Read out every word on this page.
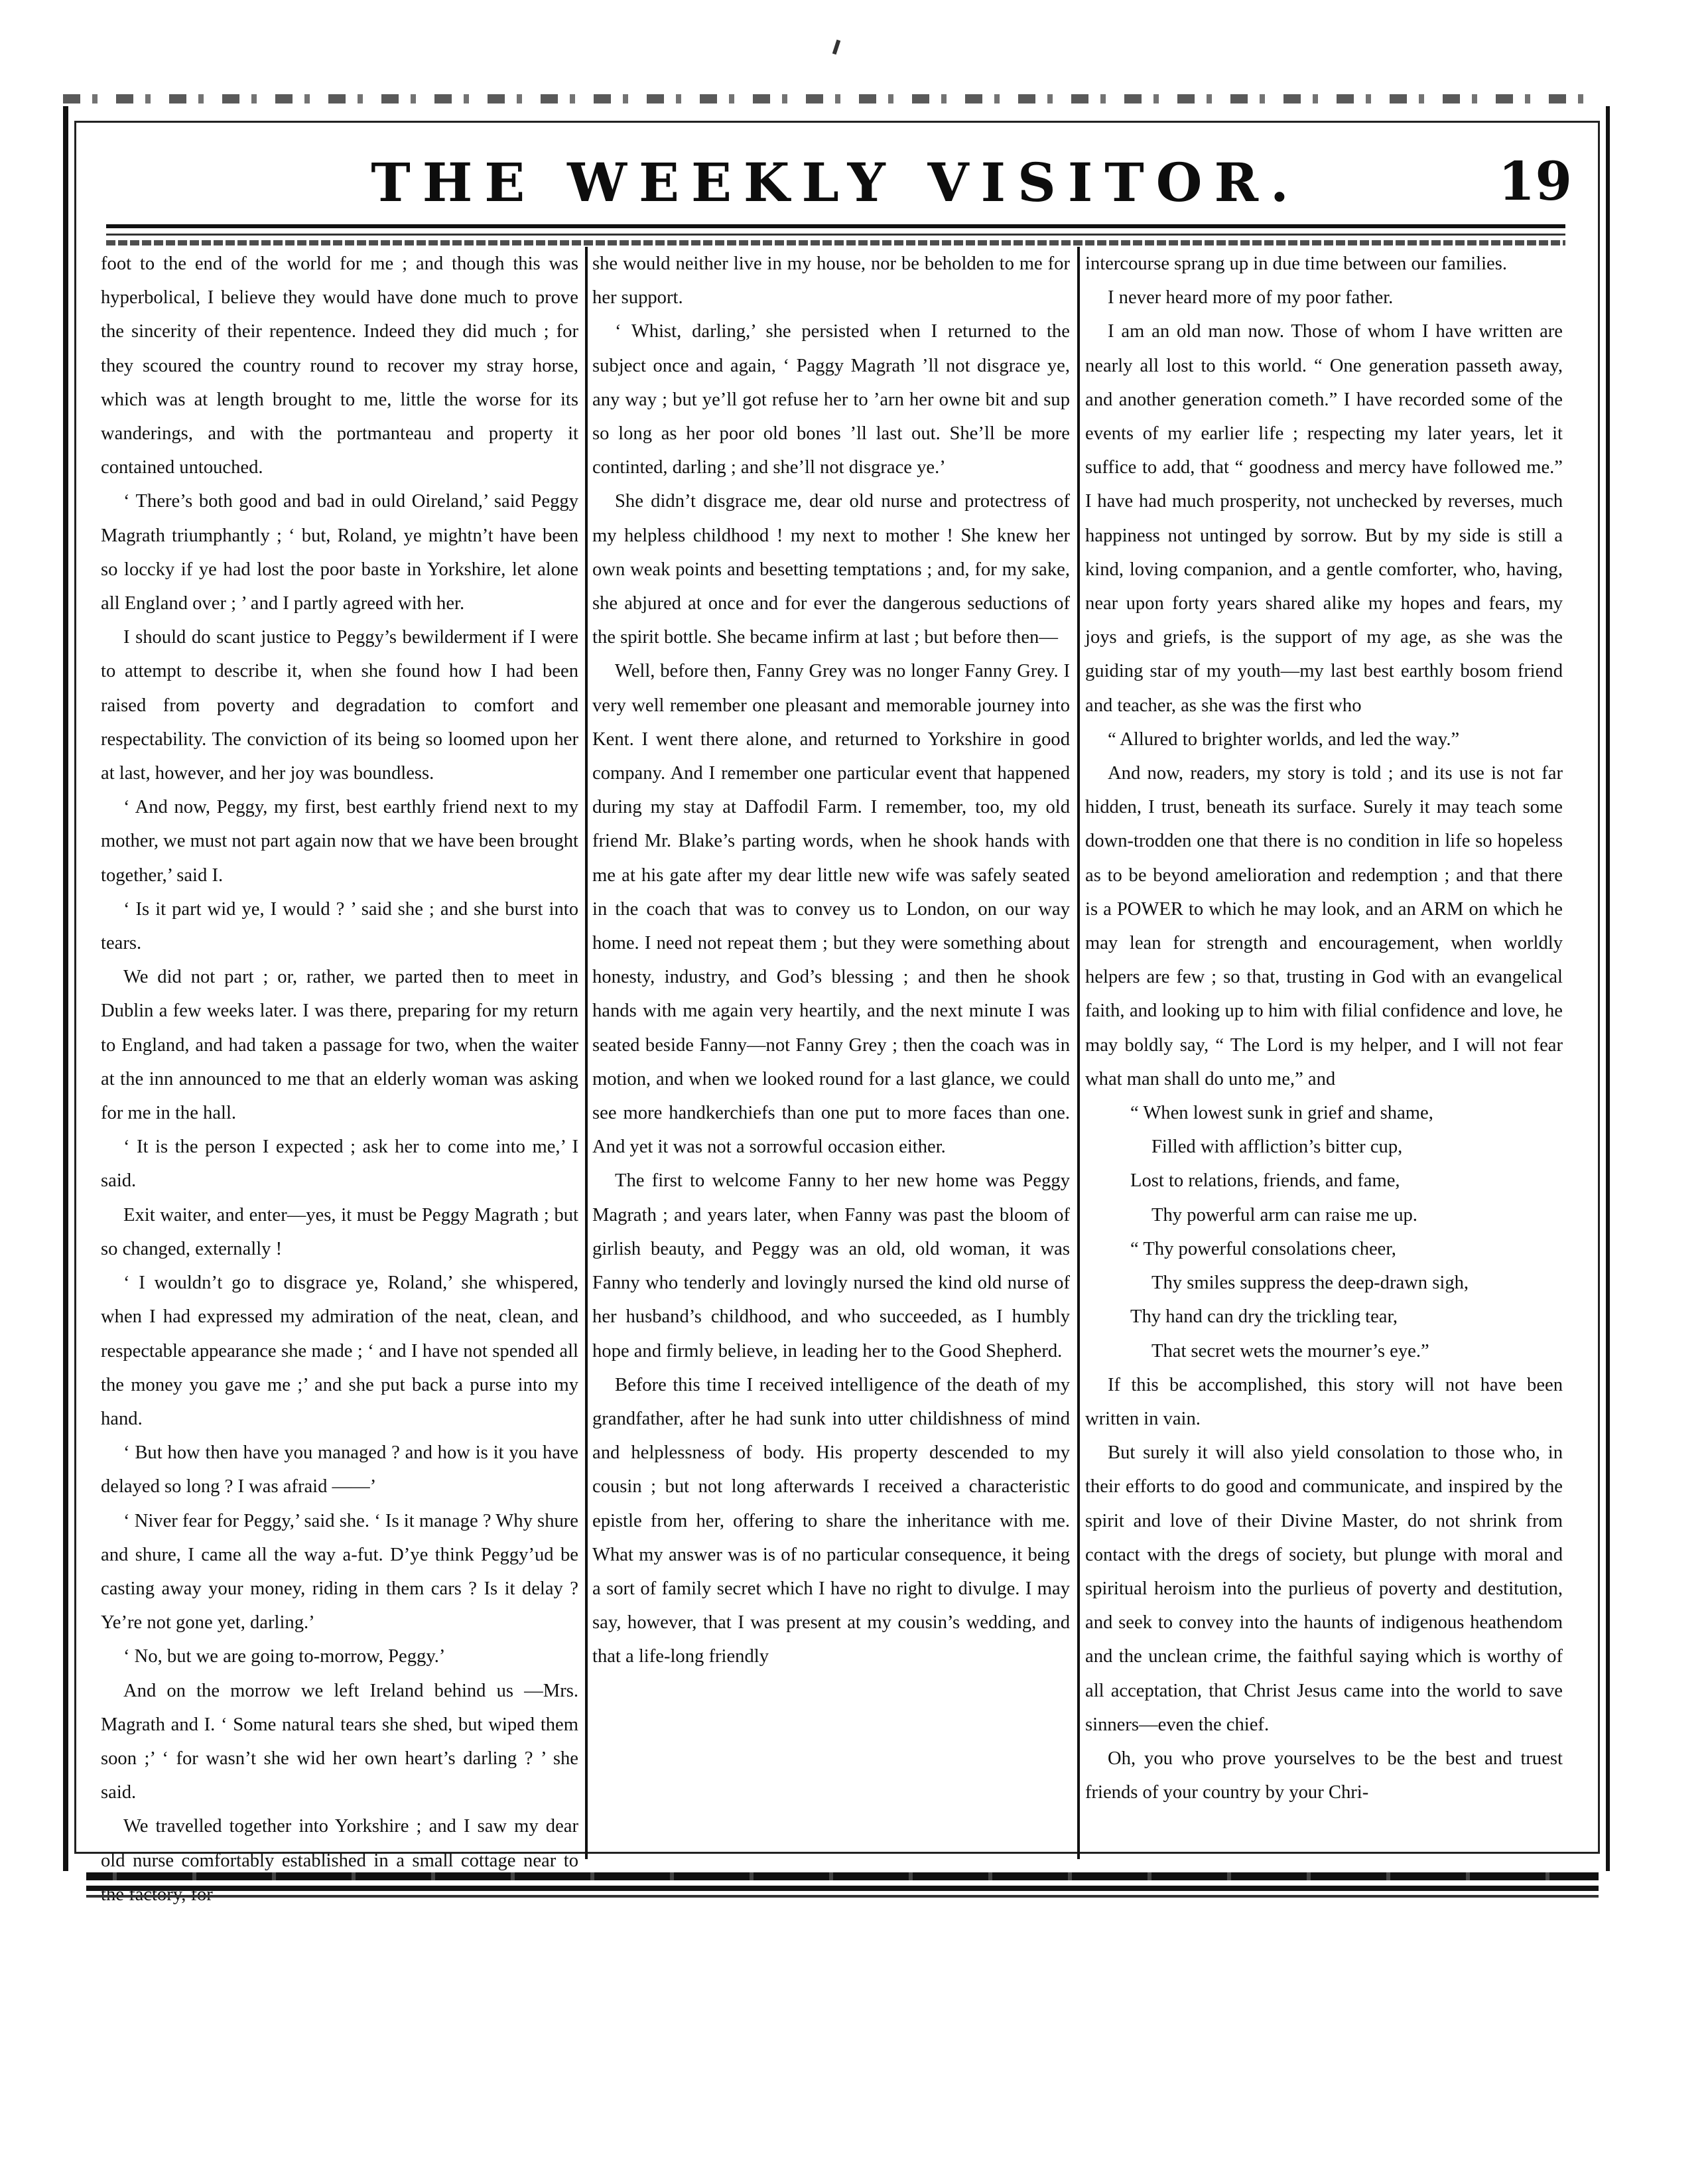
THE WEEKLY VISITOR.	19

foot to the end of the world for me ; and though this was hyperbolical, I believe they would have done much to prove the sincerity of their repentence. Indeed they did much ; for they scoured the country round to recover my stray horse, which was at length brought to me, little the worse for its wanderings, and with the portmanteau and property it contained untouched.

‘ There’s both good and bad in ould Oireland,’ said Peggy Magrath triumphantly ; ‘ but, Roland, ye mightn’t have been so loccky if ye had lost the poor baste in Yorkshire, let alone all England over ; ’ and I partly agreed with her.

I should do scant justice to Peggy’s bewilderment if I were to attempt to describe it, when she found how I had been raised from poverty and degradation to comfort and respectability. The conviction of its being so loomed upon her at last, however, and her joy was boundless.

‘ And now, Peggy, my first, best earthly friend next to my mother, we must not part again now that we have been brought together,’ said I.

‘ Is it part wid ye, I would ? ’ said she ; and she burst into tears.

We did not part ; or, rather, we parted then to meet in Dublin a few weeks later. I was there, preparing for my return to England, and had taken a passage for two, when the waiter at the inn announced to me that an elderly woman was asking for me in the hall.

‘ It is the person I expected ; ask her to come into me,’ I said.

Exit waiter, and enter—yes, it must be Peggy Magrath ; but so changed, externally !

‘ I wouldn’t go to disgrace ye, Roland,’ she whispered, when I had expressed my admiration of the neat, clean, and respectable appearance she made ; ‘ and I have not spended all the money you gave me ;’ and she put back a purse into my hand.

‘ But how then have you managed ? and how is it you have delayed so long ? I was afraid ——’

‘ Niver fear for Peggy,’ said she. ‘ Is it manage ? Why shure and shure, I came all the way a-fut. D’ye think Peggy’ud be casting away your money, riding in them cars ? Is it delay ? Ye’re not gone yet, darling.’

‘ No, but we are going to-morrow, Peggy.’

And on the morrow we left Ireland behind us —Mrs. Magrath and I. ‘ Some natural tears she shed, but wiped them soon ;’ ‘ for wasn’t she wid her own heart’s darling ? ’ she said.

We travelled together into Yorkshire ; and I saw my dear old nurse comfortably established in a small cottage near to

she would neither live in my house, nor be beholden to me for her support.

‘ Whist, darling,’ she persisted when I returned to the subject once and again, ‘ Paggy Magrath ’ll not disgrace ye, any way ; but ye’ll got refuse her to ’arn her owne bit and sup so long as her poor old bones ’ll last out. She’ll be more continted, darling ; and she’ll not disgrace ye.’

She didn’t disgrace me, dear old nurse and protectress of my helpless childhood ! my next to mother ! She knew her own weak points and besetting temptations ; and, for my sake, she abjured at once and for ever the dangerous seductions of the spirit bottle. She became infirm at last ; but before then—

Well, before then, Fanny Grey was no longer Fanny Grey. I very well remember one pleasant and memorable journey into Kent. I went there alone, and returned to Yorkshire in good company. And I remember one particular event that happened during my stay at Daffodil Farm. I remember, too, my old friend Mr. Blake’s parting words, when he shook hands with me at his gate after my dear little new wife was safely seated in the coach that was to convey us to London, on our way home. I need not repeat them ; but they were something about honesty, industry, and God’s blessing ; and then he shook hands with me again very heartily, and the next minute I was seated beside Fanny—not Fanny Grey ; then the coach was in motion, and when we looked round for a last glance, we could see more handkerchiefs than one put to more faces than one. And yet it was not a sorrowful occasion either.

The first to welcome Fanny to her new home was Peggy Magrath ; and years later, when Fanny was past the bloom of girlish beauty, and Peggy was an old, old woman, it was Fanny who tenderly and lovingly nursed the kind old nurse of her husband’s childhood, and who succeeded, as I humbly hope and firmly believe, in leading her to the Good Shepherd.

Before this time I received intelligence of the death of my grandfather, after he had sunk into utter childishness of mind and helplessness of body. His property descended to my cousin ; but not long afterwards I received a characteristic epistle from her, offering to share the inheritance with me. What my answer was is of no particular consequence, it being a sort of family secret which I have no right to divulge. I may say, however, that I was present at my cousin’s wedding, and that a life-long friendly

intercourse sprang up in due time between our families.

I never heard more of my poor father.

I am an old man now. Those of whom I have written are nearly all lost to this world. “ One generation passeth away, and another generation cometh.” I have recorded some of the events of my earlier life ; respecting my later years, let it suffice to add, that “ goodness and mercy have followed me.” I have had much prosperity, not unchecked by reverses, much happiness not untinged by sorrow. But by my side is still a kind, loving companion, and a gentle comforter, who, having, near upon forty years shared alike my hopes and fears, my joys and griefs, is the support of my age, as she was the guiding star of my youth—my last best earthly bosom friend and teacher, as she was the first who

“ Allured to brighter worlds, and led the way.”

And now, readers, my story is told ; and its use is not far hidden, I trust, beneath its surface. Surely it may teach some down-trodden one that there is no condition in life so hopeless as to be beyond amelioration and redemption ; and that there is a POWER to which he may look, and an ARM on which he may lean for strength and encouragement, when worldly helpers are few ; so that, trusting in God with an evangelical faith, and looking up to him with filial confidence and love, he may boldly say, “ The Lord is my helper, and I will not fear what man shall do unto me,” and

“ When lowest sunk in grief and shame,
Filled with affliction’s bitter cup,
Lost to relations, friends, and fame,
Thy powerful arm can raise me up.
“ Thy powerful consolations cheer,
Thy smiles suppress the deep-drawn sigh,
Thy hand can dry the trickling tear,
That secret wets the mourner’s eye.”

If this be accomplished, this story will not have been written in vain.

But surely it will also yield consolation to those who, in their efforts to do good and communicate, and inspired by the spirit and love of their Divine Master, do not shrink from contact with the dregs of society, but plunge with moral and spiritual heroism into the purlieus of poverty and destitution, and seek to convey into the haunts of indigenous heathendom and the unclean crime, the faithful saying which is worthy of all acceptation, that Christ Jesus came into the world to save sinners—even the chief.

Oh, you who prove yourselves to be the best and truest friends of your country by your Chri-
